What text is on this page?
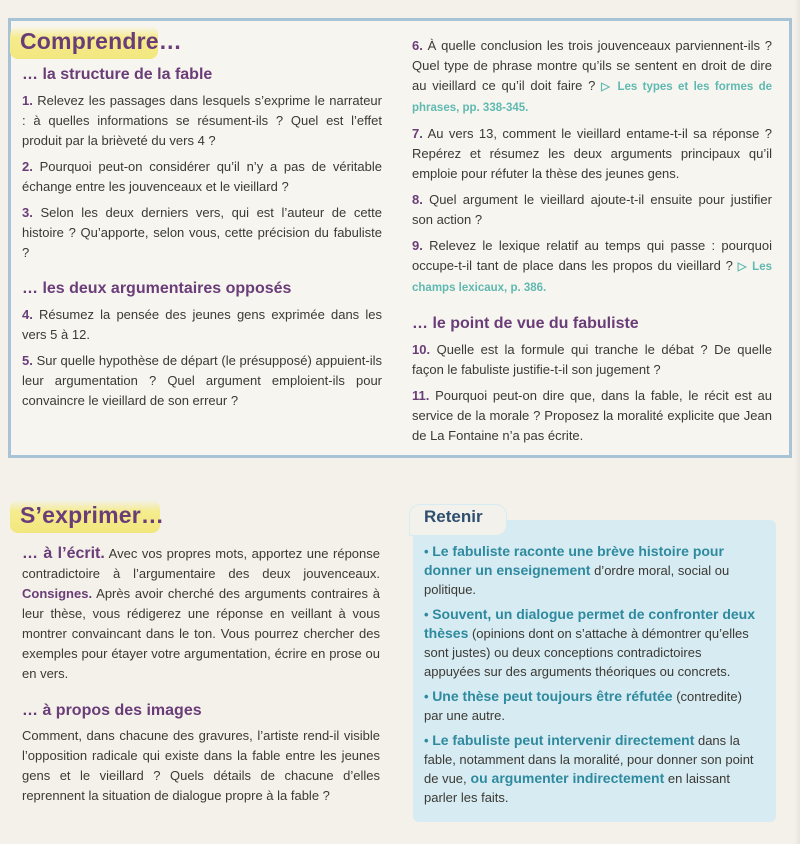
Comprendre…
… la structure de la fable

1. Relevez les passages dans lesquels s’exprime le narrateur : à quelles informations se résument-ils ? Quel est l’effet produit par la brièveté du vers 4 ?

2. Pourquoi peut-on considérer qu’il n’y a pas de véritable échange entre les jouvenceaux et le vieillard ?

3. Selon les deux derniers vers, qui est l’auteur de cette histoire ? Qu’apporte, selon vous, cette précision du fabuliste ?

… les deux argumentaires opposés

4. Résumez la pensée des jeunes gens exprimée dans les vers 5 à 12.

5. Sur quelle hypothèse de départ (le présupposé) appuient-ils leur argumentation ? Quel argument emploient-ils pour convaincre le vieillard de son erreur ?

6. À quelle conclusion les trois jouvenceaux parviennent-ils ? Quel type de phrase montre qu’ils se sentent en droit de dire au vieillard ce qu’il doit faire ? ▷ Les types et les formes de phrases, pp. 338-345.

7. Au vers 13, comment le vieillard entame-t-il sa réponse ? Repérez et résumez les deux arguments principaux qu’il emploie pour réfuter la thèse des jeunes gens.

8. Quel argument le vieillard ajoute-t-il ensuite pour justifier son action ?

9. Relevez le lexique relatif au temps qui passe : pourquoi occupe-t-il tant de place dans les propos du vieillard ? ▷ Les champs lexicaux, p. 386.

… le point de vue du fabuliste

10. Quelle est la formule qui tranche le débat ? De quelle façon le fabuliste justifie-t-il son jugement ?

11. Pourquoi peut-on dire que, dans la fable, le récit est au service de la morale ? Proposez la moralité explicite que Jean de La Fontaine n’a pas écrite.

S’exprimer…

… à l’écrit. Avec vos propres mots, apportez une réponse contradictoire à l’argumentaire des deux jouvenceaux. Consignes. Après avoir cherché des arguments contraires à leur thèse, vous rédigerez une réponse en veillant à vous montrer convaincant dans le ton. Vous pourrez chercher des exemples pour étayer votre argumentation, écrire en prose ou en vers.

… à propos des images

Comment, dans chacune des gravures, l’artiste rend-il visible l’opposition radicale qui existe dans la fable entre les jeunes gens et le vieillard ? Quels détails de chacune d’elles reprennent la situation de dialogue propre à la fable ?

Retenir

• Le fabuliste raconte une brève histoire pour donner un enseignement d’ordre moral, social ou politique.

• Souvent, un dialogue permet de confronter deux thèses (opinions dont on s’attache à démontrer qu’elles sont justes) ou deux conceptions contradictoires appuyées sur des arguments théoriques ou concrets.

• Une thèse peut toujours être réfutée (contredite) par une autre.

• Le fabuliste peut intervenir directement dans la fable, notamment dans la moralité, pour donner son point de vue, ou argumenter indirectement en laissant parler les faits.
